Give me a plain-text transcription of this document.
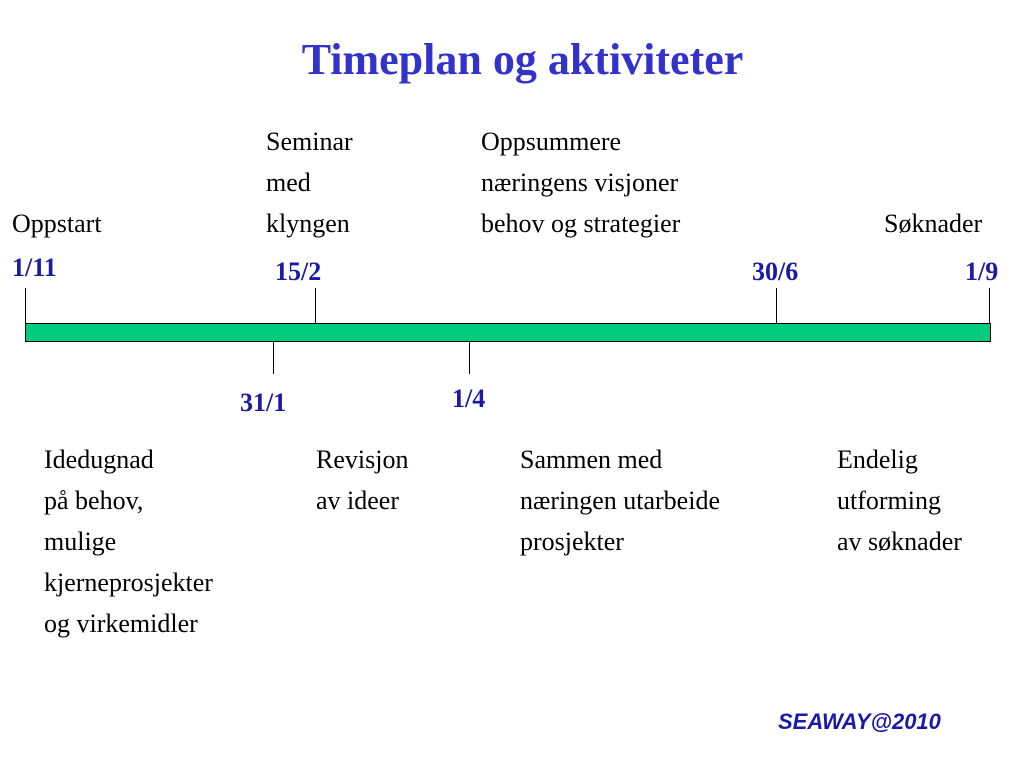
Timeplan og aktiviteter
Oppstart
Seminar
med
klyngen
Oppsummere
næringens visjoner
behov og strategier	Søknader
1/11	15/2	30/6	1/9
31/1	1/4
Idedugnad
på behov,
mulige
kjerneprosjekter
og virkemidler
Revisjon
av ideer
Sammen med
næringen utarbeide
prosjekter
Endelig
utforming
av søknader
SEAWAY@2010
